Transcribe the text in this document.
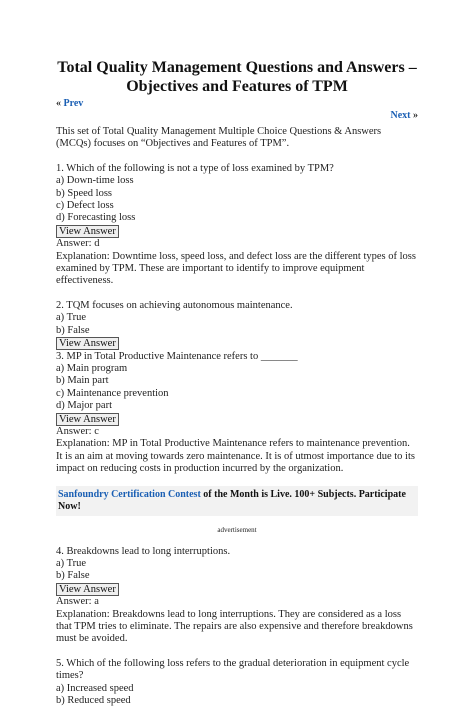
Total Quality Management Questions and Answers – Objectives and Features of TPM
« Prev
Next »
This set of Total Quality Management Multiple Choice Questions & Answers (MCQs) focuses on “Objectives and Features of TPM”.
1. Which of the following is not a type of loss examined by TPM?
a) Down-time loss
b) Speed loss
c) Defect loss
d) Forecasting loss
View Answer
Answer: d
Explanation: Downtime loss, speed loss, and defect loss are the different types of loss examined by TPM. These are important to identify to improve equipment effectiveness.
2. TQM focuses on achieving autonomous maintenance.
a) True
b) False
View Answer
3. MP in Total Productive Maintenance refers to _______
a) Main program
b) Main part
c) Maintenance prevention
d) Major part
View Answer
Answer: c
Explanation: MP in Total Productive Maintenance refers to maintenance prevention. It is an aim at moving towards zero maintenance. It is of utmost importance due to its impact on reducing costs in production incurred by the organization.
Sanfoundry Certification Contest of the Month is Live. 100+ Subjects. Participate Now!
advertisement
4. Breakdowns lead to long interruptions.
a) True
b) False
View Answer
Answer: a
Explanation: Breakdowns lead to long interruptions. They are considered as a loss that TPM tries to eliminate. The repairs are also expensive and therefore breakdowns must be avoided.
5. Which of the following loss refers to the gradual deterioration in equipment cycle times?
a) Increased speed
b) Reduced speed
